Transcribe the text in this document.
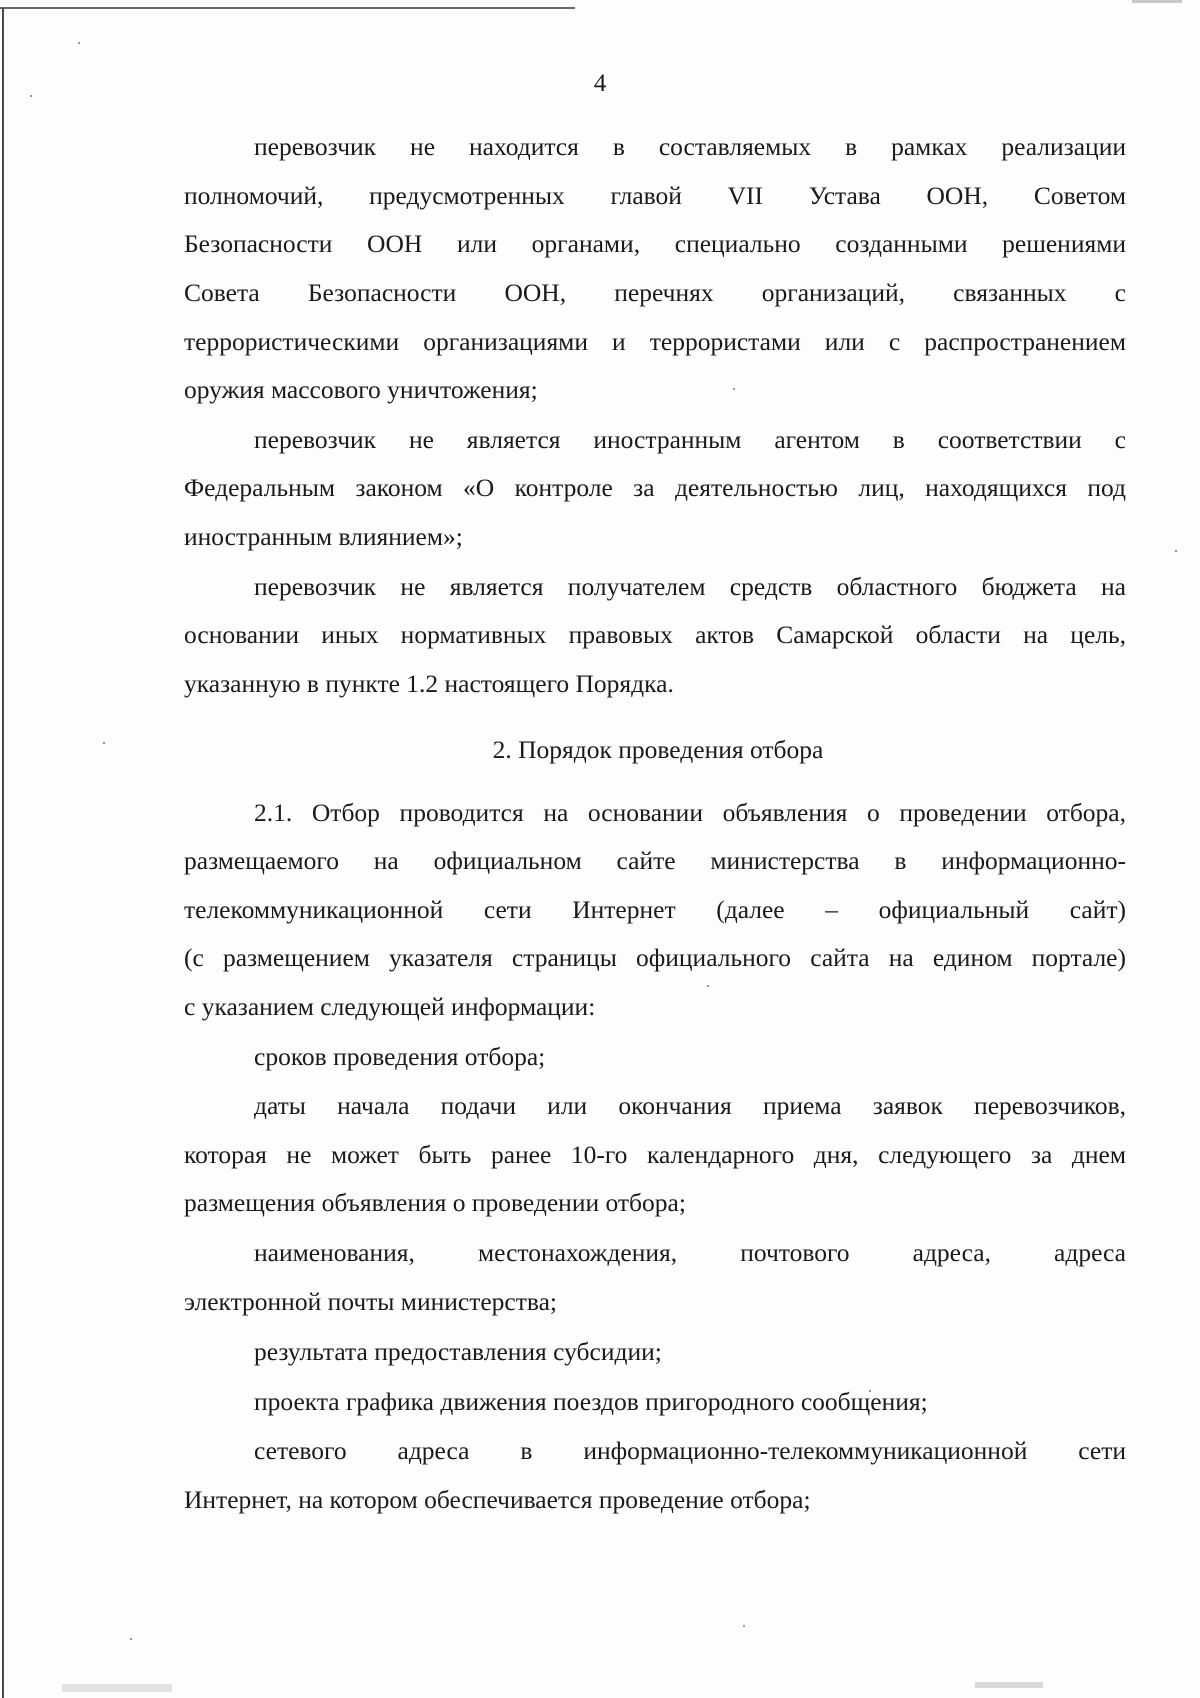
4
перевозчик не находится в составляемых в рамках реализации
полномочий, предусмотренных главой VII Устава ООН, Советом
Безопасности ООН или органами, специально созданными решениями
Совета Безопасности ООН, перечнях организаций, связанных с
террористическими организациями и террористами или с распространением
оружия массового уничтожения;
перевозчик не является иностранным агентом в соответствии с
Федеральным законом «О контроле за деятельностью лиц, находящихся под
иностранным влиянием»;
перевозчик не является получателем средств областного бюджета на
основании иных нормативных правовых актов Самарской области на цель,
указанную в пункте 1.2 настоящего Порядка.
2. Порядок проведения отбора
2.1. Отбор проводится на основании объявления о проведении отбора,
размещаемого на официальном сайте министерства в информационно-
телекоммуникационной сети Интернет (далее – официальный сайт)
(с размещением указателя страницы официального сайта на едином портале)
с указанием следующей информации:
сроков проведения отбора;
даты начала подачи или окончания приема заявок перевозчиков,
которая не может быть ранее 10-го календарного дня, следующего за днем
размещения объявления о проведении отбора;
наименования, местонахождения, почтового адреса, адреса
электронной почты министерства;
результата предоставления субсидии;
проекта графика движения поездов пригородного сообщения;
сетевого адреса в информационно-телекоммуникационной сети
Интернет, на котором обеспечивается проведение отбора;
